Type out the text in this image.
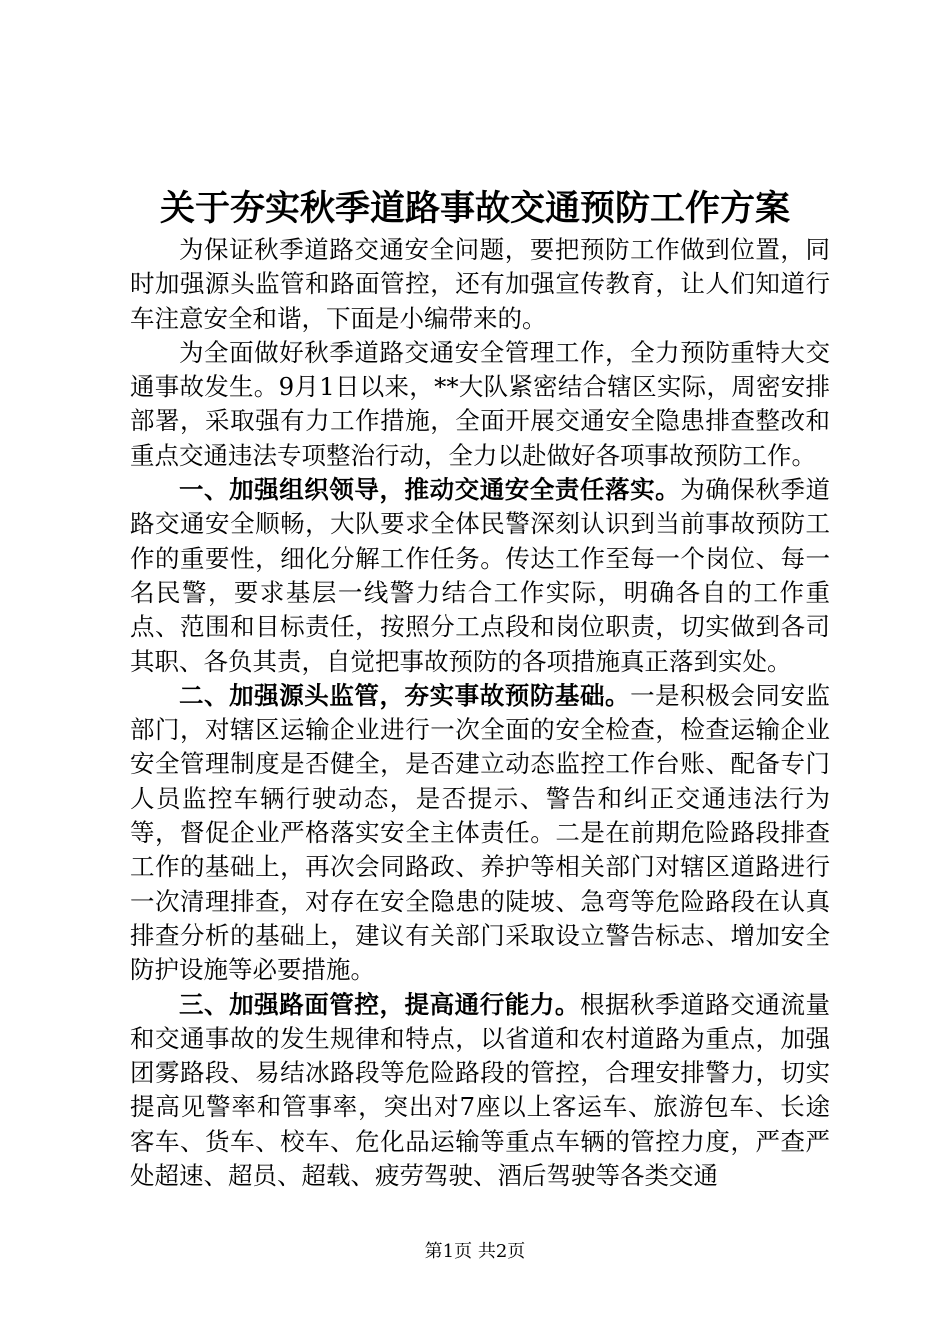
关于夯实秋季道路事故交通预防工作方案

为保证秋季道路交通安全问题，要把预防工作做到位置，同时加强源头监管和路面管控，还有加强宣传教育，让人们知道行车注意安全和谐，下面是小编带来的。

为全面做好秋季道路交通安全管理工作，全力预防重特大交通事故发生。9月1日以来，**大队紧密结合辖区实际，周密安排部署，采取强有力工作措施，全面开展交通安全隐患排查整改和重点交通违法专项整治行动，全力以赴做好各项事故预防工作。

一、加强组织领导，推动交通安全责任落实。为确保秋季道路交通安全顺畅，大队要求全体民警深刻认识到当前事故预防工作的重要性，细化分解工作任务。传达工作至每一个岗位、每一名民警，要求基层一线警力结合工作实际，明确各自的工作重点、范围和目标责任，按照分工点段和岗位职责，切实做到各司其职、各负其责，自觉把事故预防的各项措施真正落到实处。

二、加强源头监管，夯实事故预防基础。一是积极会同安监部门，对辖区运输企业进行一次全面的安全检查，检查运输企业安全管理制度是否健全，是否建立动态监控工作台账、配备专门人员监控车辆行驶动态，是否提示、警告和纠正交通违法行为等，督促企业严格落实安全主体责任。二是在前期危险路段排查工作的基础上，再次会同路政、养护等相关部门对辖区道路进行一次清理排查，对存在安全隐患的陡坡、急弯等危险路段在认真排查分析的基础上，建议有关部门采取设立警告标志、增加安全防护设施等必要措施。

三、加强路面管控，提高通行能力。根据秋季道路交通流量和交通事故的发生规律和特点，以省道和农村道路为重点，加强团雾路段、易结冰路段等危险路段的管控，合理安排警力，切实提高见警率和管事率，突出对7座以上客运车、旅游包车、长途客车、货车、校车、危化品运输等重点车辆的管控力度，严查严处超速、超员、超载、疲劳驾驶、酒后驾驶等各类交通

第1页 共2页
